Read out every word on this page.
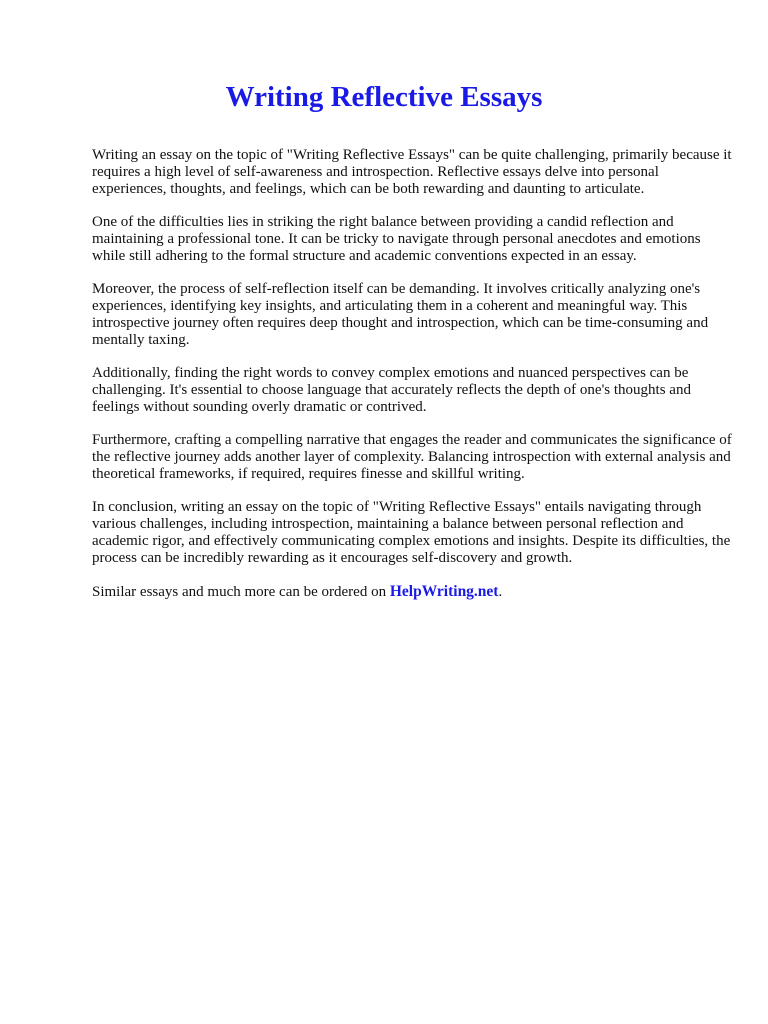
Writing Reflective Essays

Writing an essay on the topic of "Writing Reflective Essays" can be quite challenging, primarily because it requires a high level of self-awareness and introspection. Reflective essays delve into personal experiences, thoughts, and feelings, which can be both rewarding and daunting to articulate.

One of the difficulties lies in striking the right balance between providing a candid reflection and maintaining a professional tone. It can be tricky to navigate through personal anecdotes and emotions while still adhering to the formal structure and academic conventions expected in an essay.

Moreover, the process of self-reflection itself can be demanding. It involves critically analyzing one's experiences, identifying key insights, and articulating them in a coherent and meaningful way. This introspective journey often requires deep thought and introspection, which can be time-consuming and mentally taxing.

Additionally, finding the right words to convey complex emotions and nuanced perspectives can be challenging. It's essential to choose language that accurately reflects the depth of one's thoughts and feelings without sounding overly dramatic or contrived.

Furthermore, crafting a compelling narrative that engages the reader and communicates the significance of the reflective journey adds another layer of complexity. Balancing introspection with external analysis and theoretical frameworks, if required, requires finesse and skillful writing.

In conclusion, writing an essay on the topic of "Writing Reflective Essays" entails navigating through various challenges, including introspection, maintaining a balance between personal reflection and academic rigor, and effectively communicating complex emotions and insights. Despite its difficulties, the process can be incredibly rewarding as it encourages self-discovery and growth.

Similar essays and much more can be ordered on HelpWriting.net.
